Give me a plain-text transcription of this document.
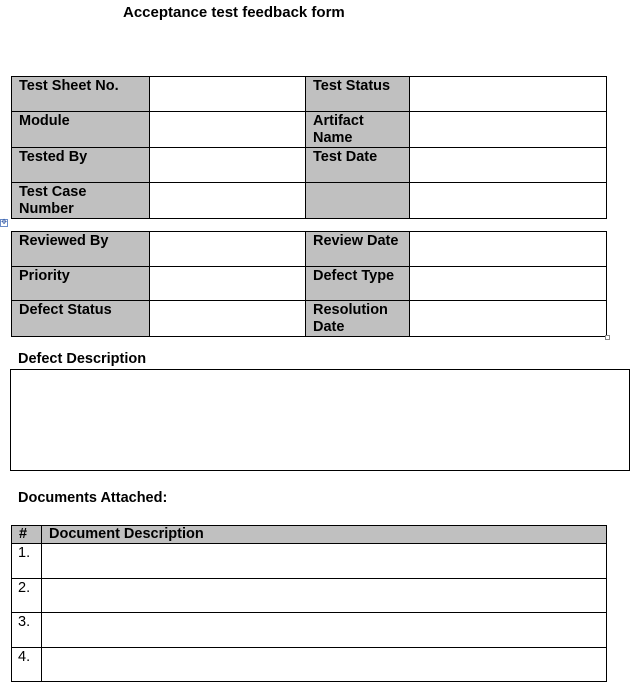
Acceptance test feedback form
Test Sheet No.		Test Status	
Module		Artifact Name	
Tested By		Test Date	
Test Case Number			
✥
Reviewed By		Review Date	
Priority		Defect Type	
Defect Status		Resolution Date	
Defect Description
Documents Attached:
#	Document Description
1.	
2.	
3.	
4.	
